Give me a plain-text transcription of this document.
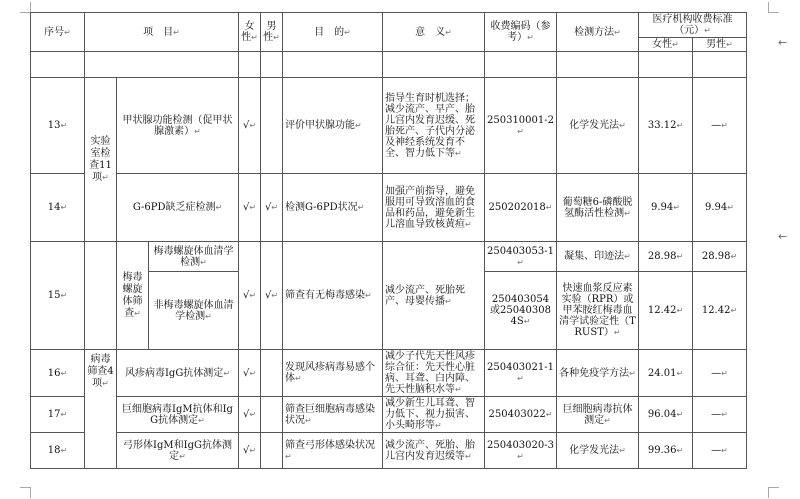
序号↵	项　目↵			女性↵	男性↵	目　的↵	意　义↵	收费编码（参考）↵	检测方法↵	医疗机构收费标准（元）↵	
										女性↵	男性↵

13↵	实验室检查11项↵	甲状腺功能检测（促甲状腺激素）↵		√↵		评价甲状腺功能↵	指导生育时机选择；减少流产、早产、胎儿宫内发育迟缓、死胎死产、子代内分泌及神经系统发育不全、智力低下等↵	250310001-2↵	化学发光法↵	33.12↵	—↵
14↵		G-6PD缺乏症检测↵		√↵	√↵	检测G-6PD状况↵	加强产前指导，避免服用可导致溶血的食品和药品，避免新生儿溶血导致核黄疸↵	250202018↵	葡萄糖6-磷酸脱氢酶活性检测↵	9.94↵	9.94↵
15↵		梅毒螺旋体筛查↵	梅毒螺旋体血清学检测↵	√↵	√↵	筛查有无梅毒感染↵	减少流产、死胎死产、母婴传播↵	250403053-1↵	凝集、印迹法↵	28.98↵	28.98↵
			非梅毒螺旋体血清学检测↵					250403054或250403084S↵	快速血浆反应素实验（RPR）或甲苯胺红梅毒血清学试验定性（TRUST）↵	12.42↵	12.42↵
16↵	病毒筛查4项↵	风疹病毒IgG抗体测定↵		√↵		发现风疹病毒易感个体↵	减少子代先天性风疹综合征：先天性心脏病、耳聋、白内障、先天性脑积水等↵	250403021-1↵	各种免疫学方法↵	24.01↵	—↵
17↵		巨细胞病毒IgM抗体和IgG抗体测定↵		√↵		筛查巨细胞病毒感染状况↵	减少新生儿耳聋、智力低下、视力损害、小头畸形等↵	250403022↵	巨细胞病毒抗体测定↵	96.04↵	—↵
18↵		弓形体IgM和IgG抗体测定↵		√↵		筛查弓形体感染状况↵	减少流产、死胎、胎儿宫内发育迟缓等↵	250403020-3↵	化学发光法↵	99.36↵	—↵
←
←
